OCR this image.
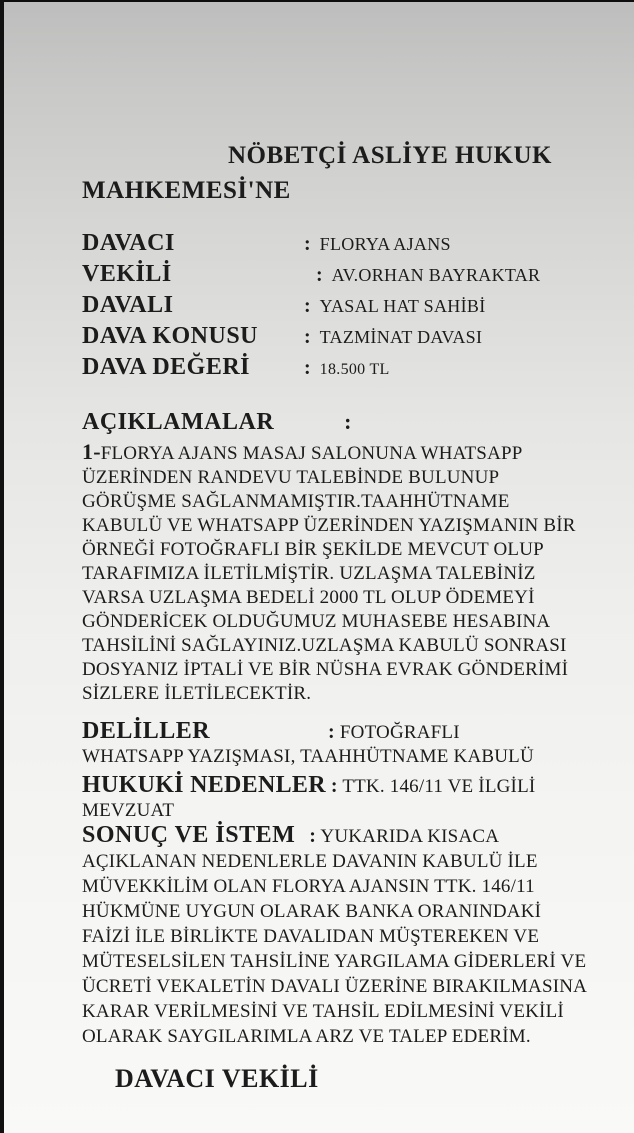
NÖBETÇİ ASLİYE HUKUK
MAHKEMESİ'NE
DAVACI	: FLORYA AJANS
VEKİLİ	: AV.ORHAN BAYRAKTAR
DAVALI	: YASAL HAT SAHİBİ
DAVA KONUSU	: TAZMİNAT DAVASI
DAVA DEĞERİ	: 18.500 TL
AÇIKLAMALAR	:

1-FLORYA AJANS MASAJ SALONUNA WHATSAPP ÜZERİNDEN RANDEVU TALEBİNDE BULUNUP GÖRÜŞME SAĞLANMAMIŞTIR.TAAHHÜTNAME KABULÜ VE WHATSAPP ÜZERİNDEN YAZIŞMANIN BİR ÖRNEĞİ FOTOĞRAFLI BİR ŞEKİLDE MEVCUT OLUP TARAFIMIZA İLETİLMİŞTİR. UZLAŞMA TALEBİNİZ VARSA UZLAŞMA BEDELİ 2000 TL OLUP ÖDEMEYİ GÖNDERİCEK OLDUĞUMUZ MUHASEBE HESABINA TAHSİLİNİ SAĞLAYINIZ.UZLAŞMA KABULÜ SONRASI DOSYANIZ İPTALİ VE BİR NÜSHA EVRAK GÖNDERİMİ SİZLERE İLETİLECEKTİR.

DELİLLER	: FOTOĞRAFLI
WHATSAPP YAZIŞMASI, TAAHHÜTNAME KABULÜ

HUKUKİ NEDENLER : TTK. 146/11 VE İLGİLİ MEVZUAT

SONUÇ VE İSTEM : YUKARIDA KISACA AÇIKLANAN NEDENLERLE DAVANIN KABULÜ İLE MÜVEKKİLİM OLAN FLORYA AJANSIN TTK. 146/11 HÜKMÜNE UYGUN OLARAK BANKA ORANINDAKİ FAİZİ İLE BİRLİKTE DAVALIDAN MÜŞTEREKEN VE MÜTESELSİLEN TAHSİLİNE YARGILAMA GİDERLERİ VE ÜCRETİ VEKALETİN DAVALI ÜZERİNE BIRAKILMASINA KARAR VERİLMESİNİ VE TAHSİL EDİLMESİNİ VEKİLİ OLARAK SAYGILARIMLA ARZ VE TALEP EDERİM.

DAVACI VEKİLİ
